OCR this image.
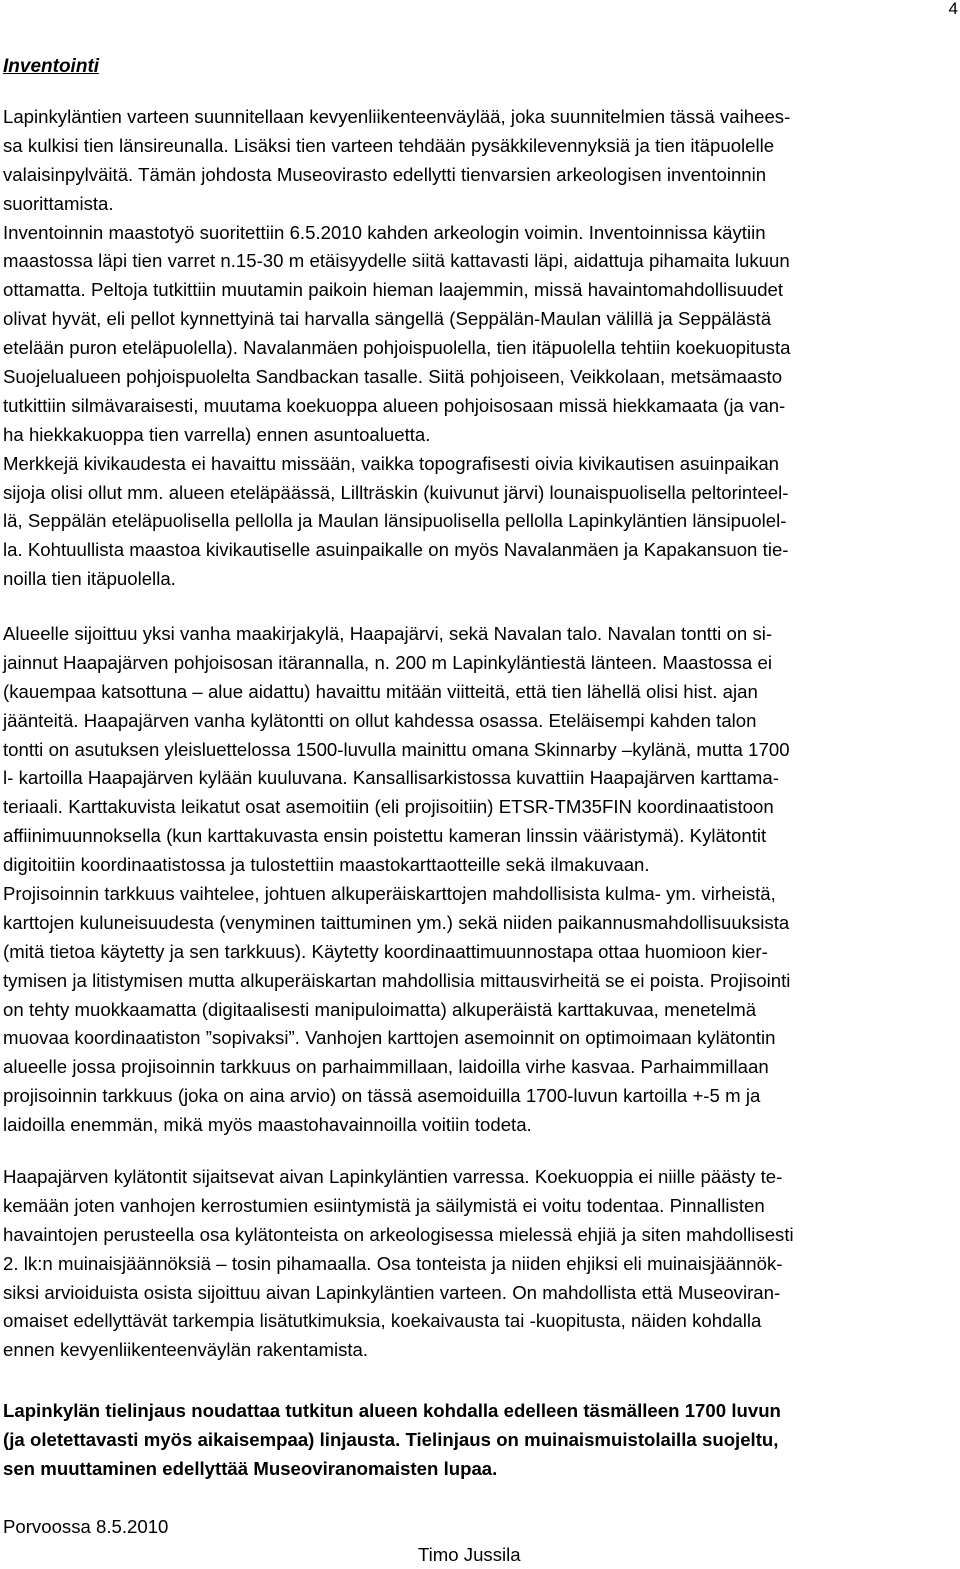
4
Inventointi
Lapinkyläntien varteen suunnitellaan kevyenliikenteenväylää, joka suunnitelmien tässä vaihees-
sa kulkisi tien länsireunalla. Lisäksi tien varteen tehdään pysäkkilevennyksiä ja tien itäpuolelle
valaisinpylväitä. Tämän johdosta Museovirasto edellytti tienvarsien arkeologisen inventoinnin
suorittamista.
Inventoinnin maastotyö suoritettiin 6.5.2010 kahden arkeologin voimin. Inventoinnissa käytiin
maastossa läpi tien varret n.15-30 m etäisyydelle siitä kattavasti läpi, aidattuja pihamaita lukuun
ottamatta. Peltoja tutkittiin muutamin paikoin hieman laajemmin, missä havaintomahdollisuudet
olivat hyvät, eli pellot kynnettyinä tai harvalla sängellä (Seppälän-Maulan välillä ja Seppälästä
etelään puron eteläpuolella). Navalanmäen pohjoispuolella, tien itäpuolella tehtiin koekuopitusta
Suojelualueen pohjoispuolelta Sandbackan tasalle. Siitä pohjoiseen, Veikkolaan, metsämaasto
tutkittiin silmävaraisesti, muutama koekuoppa alueen pohjoisosaan missä hiekkamaata (ja van-
ha hiekkakuoppa tien varrella) ennen asuntoaluetta.
Merkkejä kivikaudesta ei havaittu missään, vaikka topografisesti oivia kivikautisen asuinpaikan
sijoja olisi ollut mm. alueen eteläpäässä, Lillträskin (kuivunut järvi) lounaispuolisella peltorinteel-
lä, Seppälän eteläpuolisella pellolla ja Maulan länsipuolisella pellolla Lapinkyläntien länsipuolel-
la. Kohtuullista maastoa kivikautiselle asuinpaikalle on myös Navalanmäen ja Kapakansuon tie-
noilla tien itäpuolella.
Alueelle sijoittuu yksi vanha maakirjakylä, Haapajärvi, sekä Navalan talo. Navalan tontti on si-
jainnut Haapajärven pohjoisosan itärannalla, n. 200 m Lapinkyläntiestä länteen. Maastossa ei
(kauempaa katsottuna – alue aidattu) havaittu mitään viitteitä, että tien lähellä olisi hist. ajan
jäänteitä. Haapajärven vanha kylätontti on ollut kahdessa osassa. Eteläisempi kahden talon
tontti on asutuksen yleisluettelossa 1500-luvulla mainittu omana Skinnarby –kylänä, mutta 1700
l- kartoilla Haapajärven kylään kuuluvana. Kansallisarkistossa kuvattiin Haapajärven karttama-
teriaali. Karttakuvista leikatut osat asemoitiin (eli projisoitiin) ETSR-TM35FIN koordinaatistoon
affiinimuunnoksella (kun karttakuvasta ensin poistettu kameran linssin vääristymä). Kylätontit
digitoitiin koordinaatistossa ja tulostettiin maastokarttaotteille sekä ilmakuvaan.
Projisoinnin tarkkuus vaihtelee, johtuen alkuperäiskarttojen mahdollisista kulma- ym. virheistä,
karttojen kuluneisuudesta (venyminen taittuminen ym.) sekä niiden paikannusmahdollisuuksista
(mitä tietoa käytetty ja sen tarkkuus). Käytetty koordinaattimuunnostapa ottaa huomioon kier-
tymisen ja litistymisen mutta alkuperäiskartan mahdollisia mittausvirheitä se ei poista. Projisointi
on tehty muokkaamatta (digitaalisesti manipuloimatta) alkuperäistä karttakuvaa, menetelmä
muovaa koordinaatiston ”sopivaksi”. Vanhojen karttojen asemoinnit on optimoimaan kylätontin
alueelle jossa projisoinnin tarkkuus on parhaimmillaan, laidoilla virhe kasvaa. Parhaimmillaan
projisoinnin tarkkuus (joka on aina arvio) on tässä asemoiduilla 1700-luvun kartoilla +-5 m ja
laidoilla enemmän, mikä myös maastohavainnoilla voitiin todeta.
Haapajärven kylätontit sijaitsevat aivan Lapinkyläntien varressa. Koekuoppia ei niille päästy te-
kemään joten vanhojen kerrostumien esiintymistä ja säilymistä ei voitu todentaa. Pinnallisten
havaintojen perusteella osa kylätonteista on arkeologisessa mielessä ehjiä ja siten mahdollisesti
2. lk:n muinaisjäännöksiä – tosin pihamaalla. Osa tonteista ja niiden ehjiksi eli muinaisjäännök-
siksi arvioiduista osista sijoittuu aivan Lapinkyläntien varteen. On mahdollista että Museoviran-
omaiset edellyttävät tarkempia lisätutkimuksia, koekaivausta tai -kuopitusta, näiden kohdalla
ennen kevyenliikenteenväylän rakentamista.
Lapinkylän tielinjaus noudattaa tutkitun alueen kohdalla edelleen täsmälleen 1700 luvun
(ja oletettavasti myös aikaisempaa) linjausta. Tielinjaus on muinaismuistolailla suojeltu,
sen muuttaminen edellyttää Museoviranomaisten lupaa.
Porvoossa 8.5.2010
Timo Jussila
